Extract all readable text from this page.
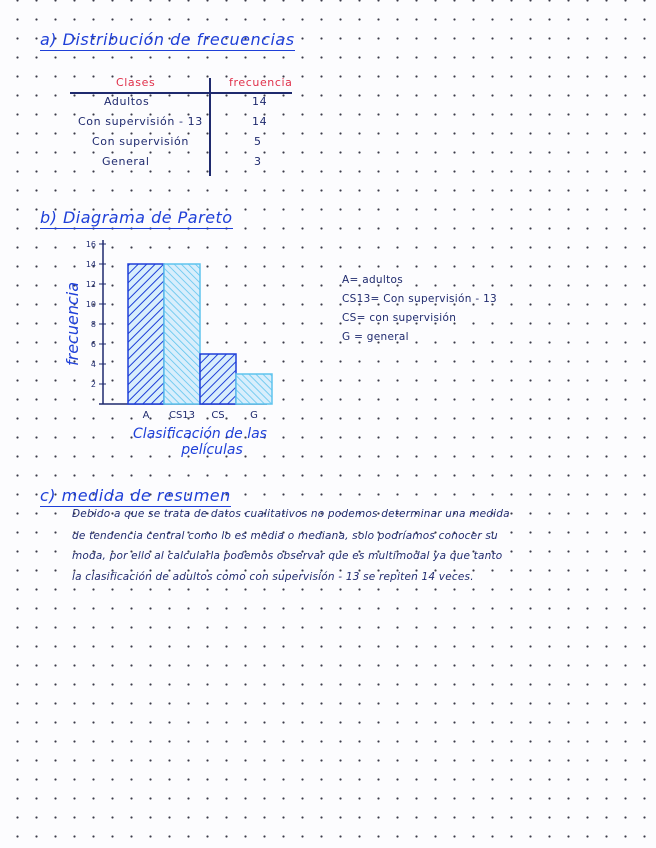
a) Distribución de frecuencias
Clases	frecuencia
Adultos	14
Con supervisión - 13	14
Con supervisión	5
General	3
b) Diagrama de Pareto
2
4
6
8
10
12
14
16
A CS13 CS	G
frecuencia
Clasificación de las
películas
A= adultos
CS13= Con supervisión - 13
CS= con supervisión
G = general
c) medida de resumen
Debido a que se trata de datos cualitativos no podemos determinar una medida
de tendencia central como lo es media o mediana, solo podríamos conocer su
moda, por ello al calcularla podemos observar que es multimodal ya que tanto
la clasificación de adultos como con supervisión - 13 se repiten 14 veces.
